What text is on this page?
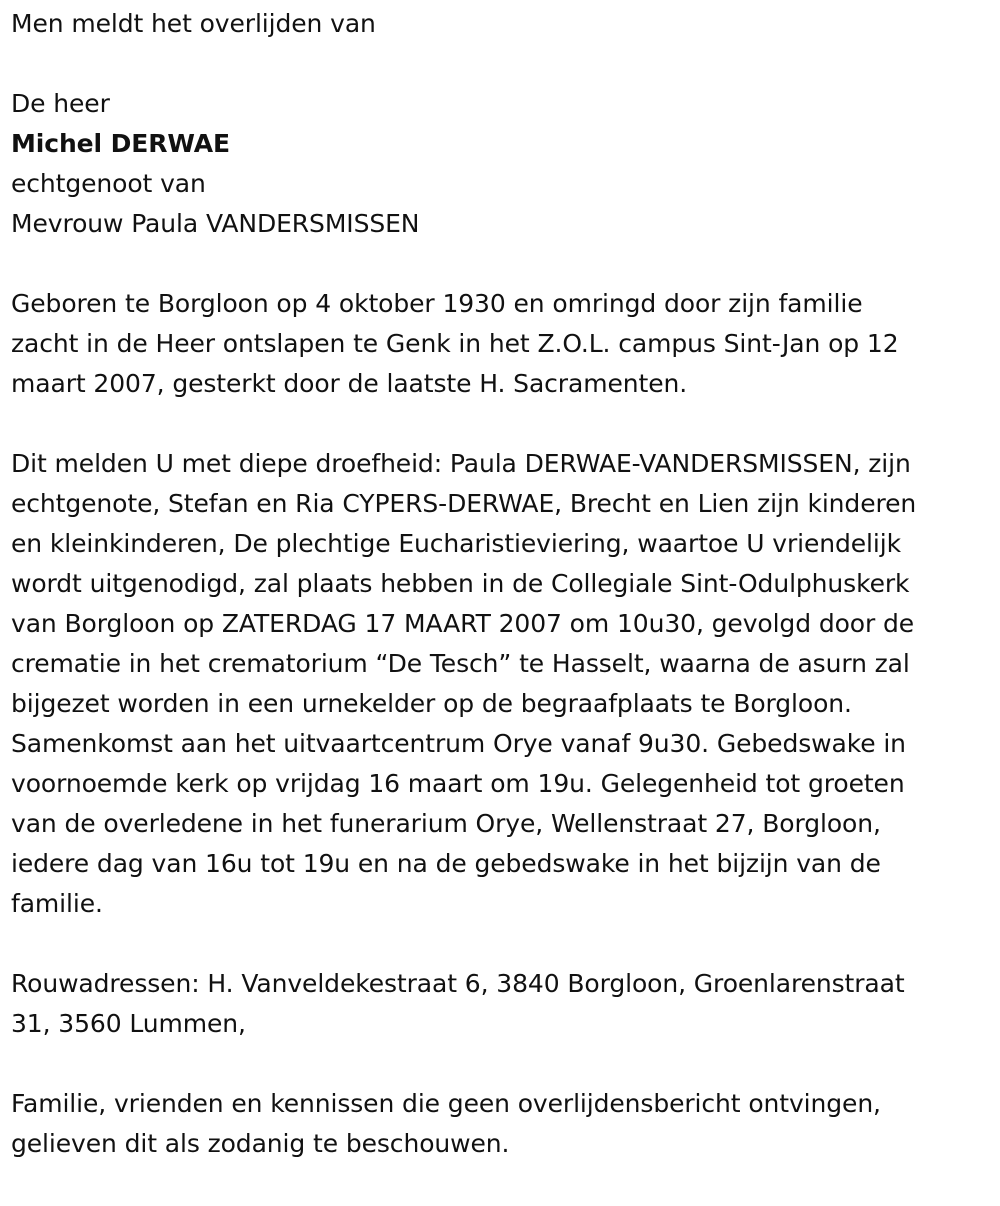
Men meldt het overlijden van
De heer
Michel DERWAE
echtgenoot van
Mevrouw Paula VANDERSMISSEN
Geboren te Borgloon op 4 oktober 1930 en omringd door zijn familie
zacht in de Heer ontslapen te Genk in het Z.O.L. campus Sint-Jan op 12
maart 2007, gesterkt door de laatste H. Sacramenten.
Dit melden U met diepe droefheid: Paula DERWAE-VANDERSMISSEN, zijn
echtgenote, Stefan en Ria CYPERS-DERWAE, Brecht en Lien zijn kinderen
en kleinkinderen, De plechtige Eucharistieviering, waartoe U vriendelijk
wordt uitgenodigd, zal plaats hebben in de Collegiale Sint-Odulphuskerk
van Borgloon op ZATERDAG 17 MAART 2007 om 10u30, gevolgd door de
crematie in het crematorium “De Tesch” te Hasselt, waarna de asurn zal
bijgezet worden in een urnekelder op de begraafplaats te Borgloon.
Samenkomst aan het uitvaartcentrum Orye vanaf 9u30. Gebedswake in
voornoemde kerk op vrijdag 16 maart om 19u. Gelegenheid tot groeten
van de overledene in het funerarium Orye, Wellenstraat 27, Borgloon,
iedere dag van 16u tot 19u en na de gebedswake in het bijzijn van de
familie.
Rouwadressen: H. Vanveldekestraat 6, 3840 Borgloon, Groenlarenstraat
31, 3560 Lummen,
Familie, vrienden en kennissen die geen overlijdensbericht ontvingen,
gelieven dit als zodanig te beschouwen.
